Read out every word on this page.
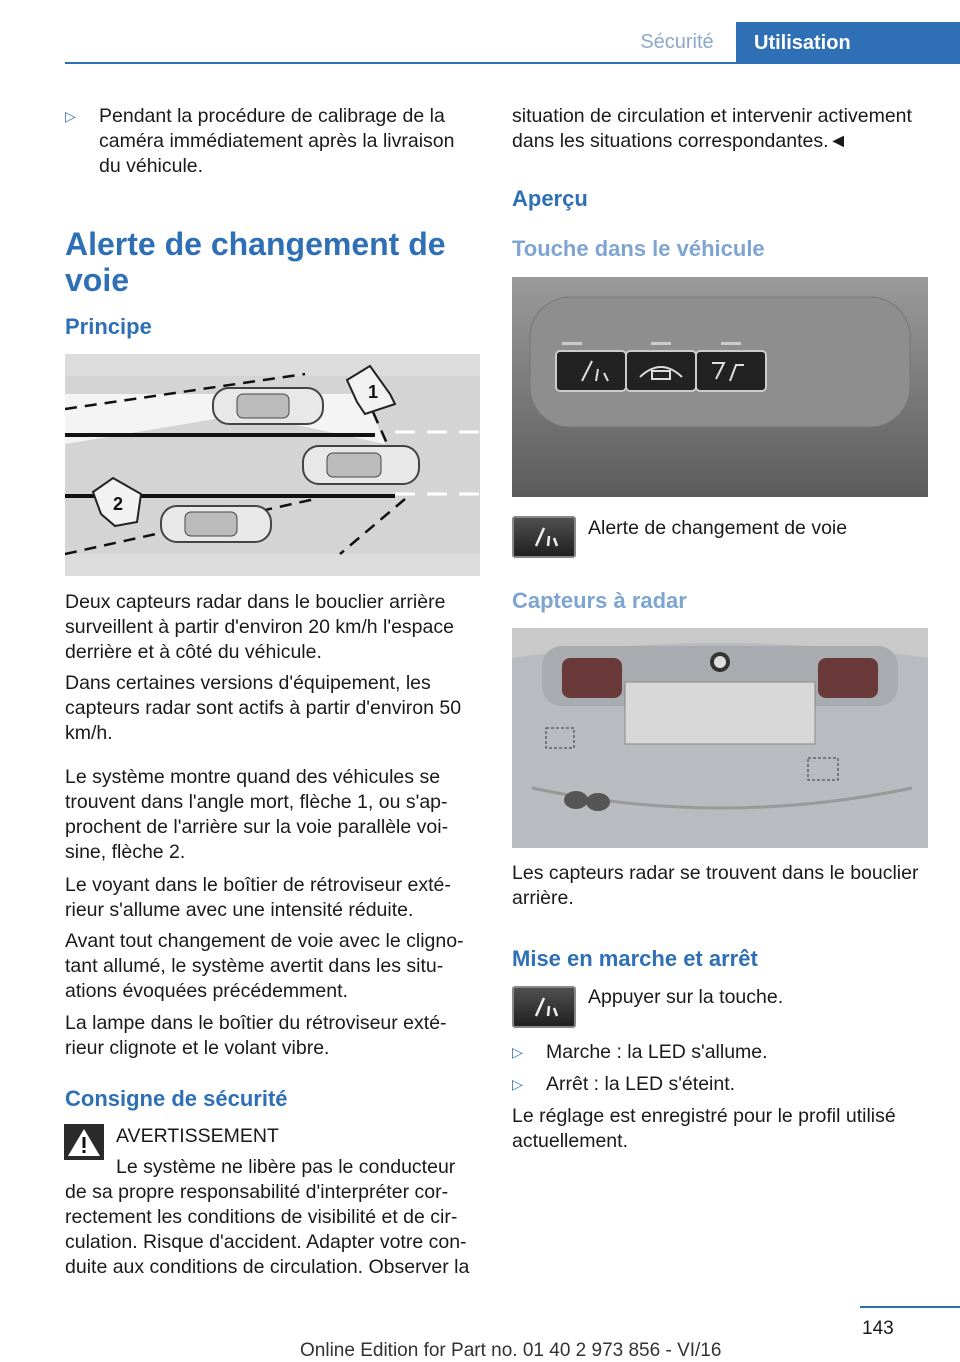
Sécurité	Utilisation
▷ Pendant la procédure de calibrage de la caméra immédiatement après la livraison du véhicule.
Alerte de changement de voie
Principe
1
2
Deux capteurs radar dans le bouclier arrière surveillent à partir d'environ 20 km/h l'espace derrière et à côté du véhicule.
Dans certaines versions d'équipement, les capteurs radar sont actifs à partir d'environ 50 km/h.
Le système montre quand des véhicules se trouvent dans l'angle mort, flèche 1, ou s'ap-prochent de l'arrière sur la voie parallèle voi-sine, flèche 2.
Le voyant dans le boîtier de rétroviseur exté-rieur s'allume avec une intensité réduite.
Avant tout changement de voie avec le cligno-tant allumé, le système avertit dans les situ-ations évoquées précédemment.
La lampe dans le boîtier du rétroviseur exté-rieur clignote et le volant vibre.
Consigne de sécurité
AVERTISSEMENT
Le système ne libère pas le conducteur
de sa propre responsabilité d'interpréter cor-rectement les conditions de visibilité et de cir-culation. Risque d'accident. Adapter votre con-duite aux conditions de circulation. Observer la
situation de circulation et intervenir activement dans les situations correspondantes.◄
Aperçu
Touche dans le véhicule
Alerte de changement de voie
Capteurs à radar
Les capteurs radar se trouvent dans le bouclier arrière.
Mise en marche et arrêt
Appuyer sur la touche.
▷ Marche : la LED s'allume.
▷ Arrêt : la LED s'éteint.
Le réglage est enregistré pour le profil utilisé actuellement.
143
Online Edition for Part no. 01 40 2 973 856 - VI/16
